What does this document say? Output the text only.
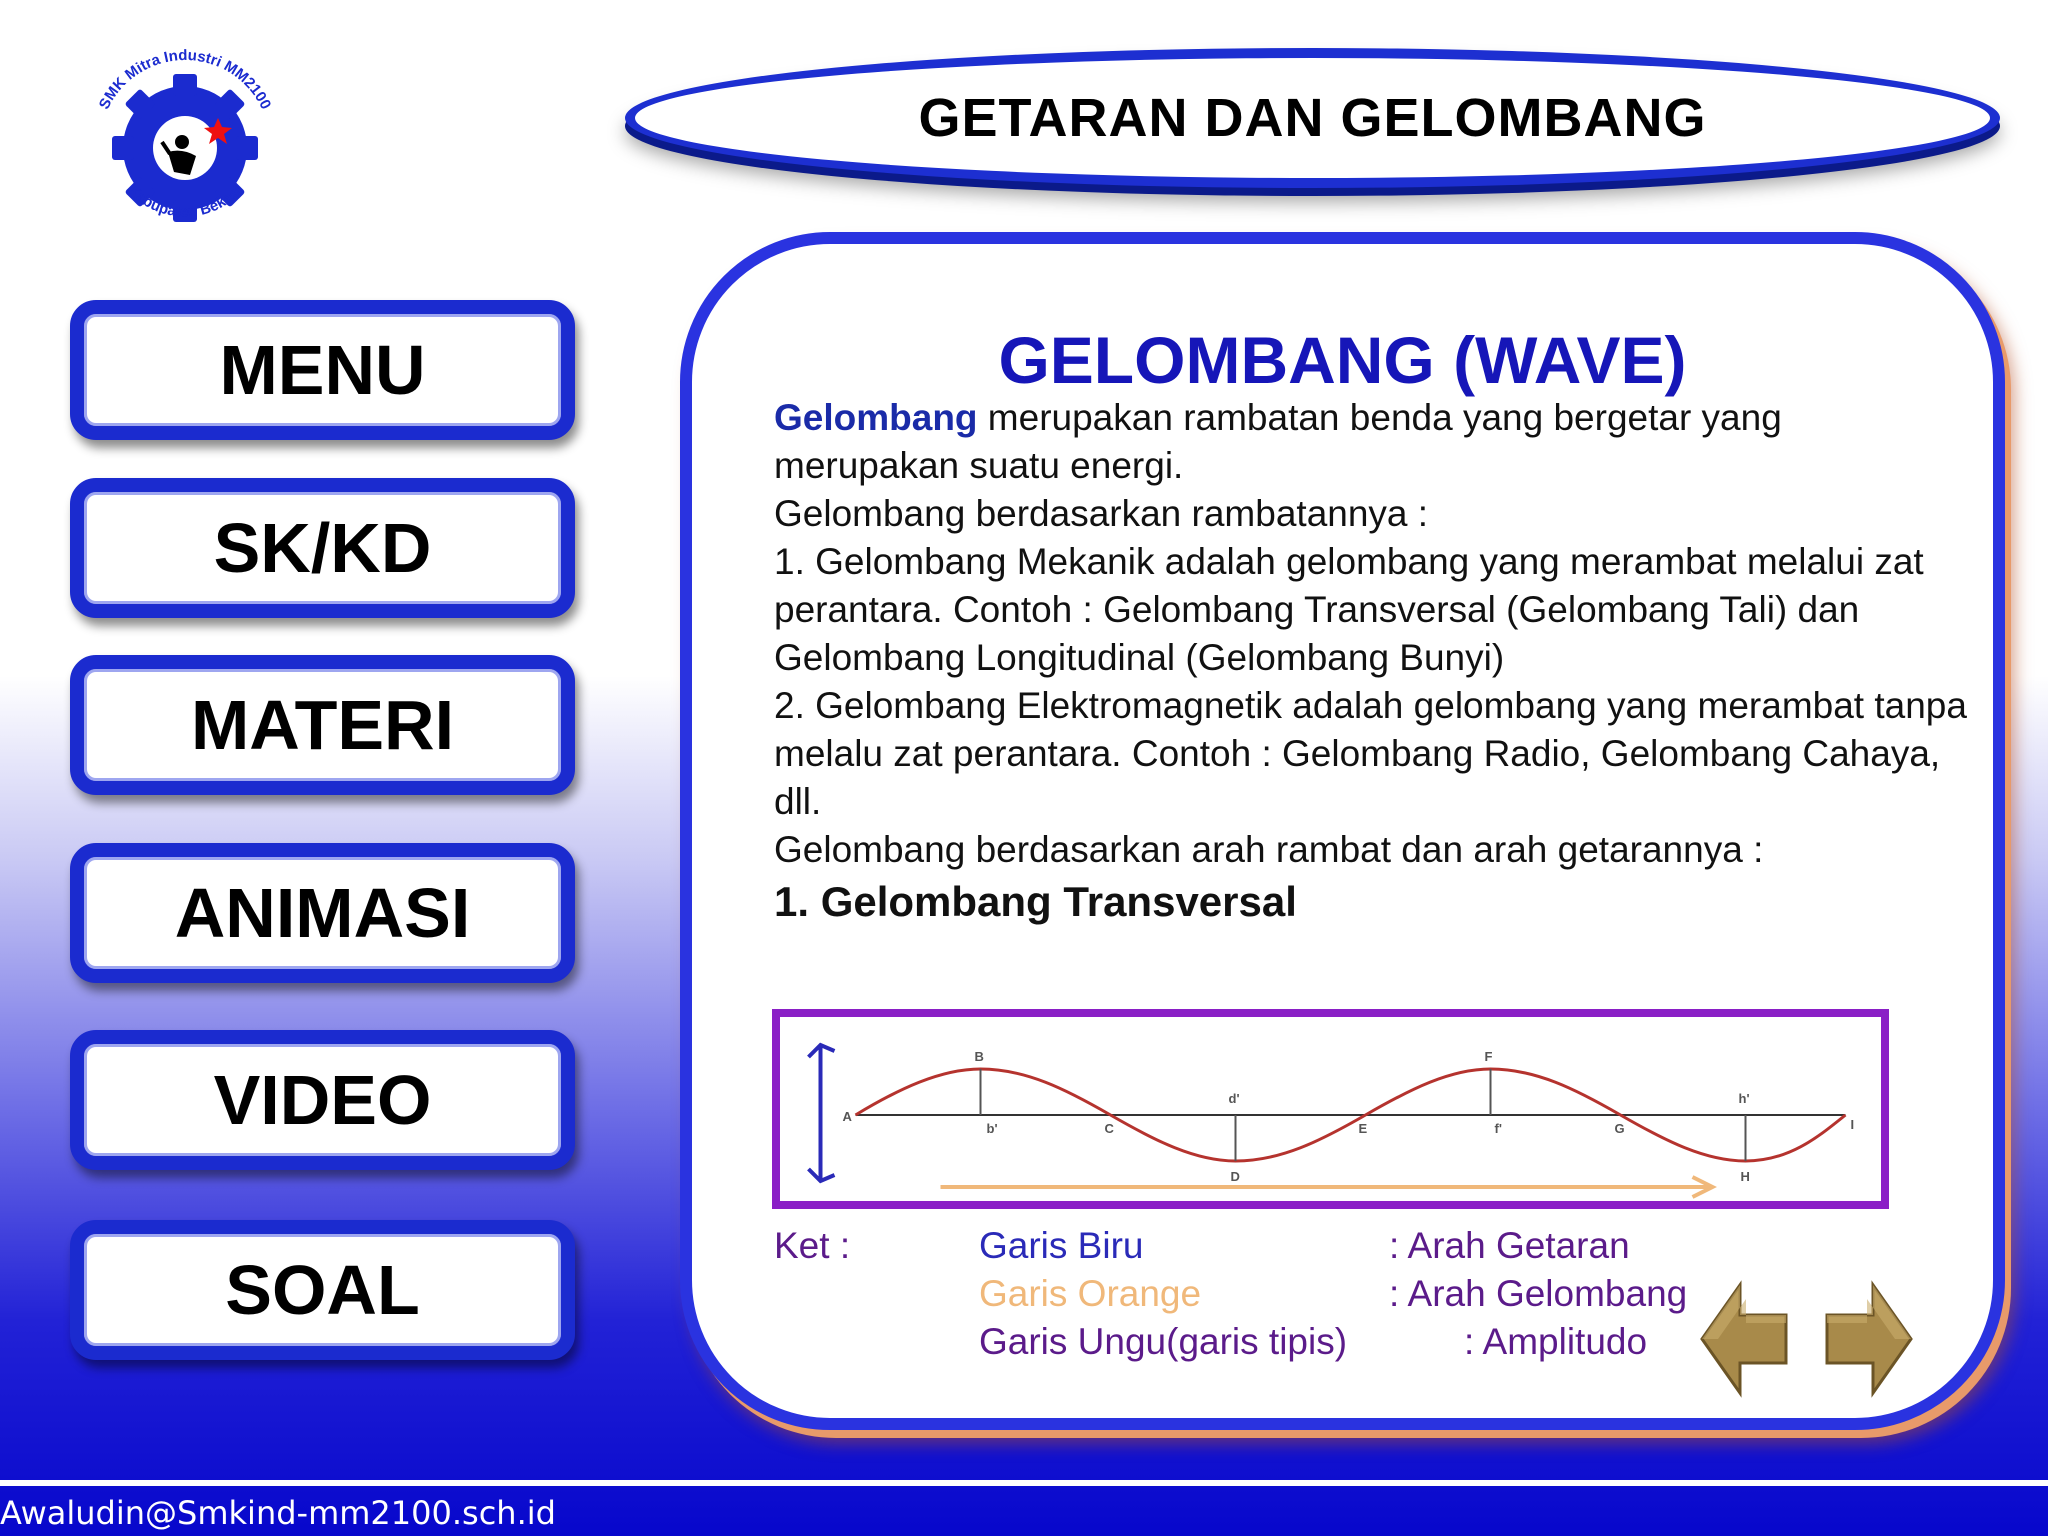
SMK Mitra Industri MM2100
Kabupaten Bekasi
GETARAN DAN GELOMBANG
MENU
SK/KD
MATERI
ANIMASI
VIDEO
SOAL
GELOMBANG (WAVE)

Gelombang merupakan rambatan benda yang bergetar yang merupakan suatu energi.

Gelombang berdasarkan rambatannya :

1. Gelombang Mekanik adalah gelombang yang merambat melalui zat perantara. Contoh : Gelombang Transversal (Gelombang Tali) dan Gelombang Longitudinal (Gelombang Bunyi)

2. Gelombang Elektromagnetik adalah gelombang yang merambat tanpa melalu zat perantara. Contoh : Gelombang Radio, Gelombang Cahaya, dll.

Gelombang berdasarkan arah rambat dan arah getarannya :

1. Gelombang Transversal

A
B
b'	C
d'
D
E
F
f'	G
h'
H
I
Ket :	Garis Biru	: Arah Getaran
Garis Orange	: Arah Gelombang
Garis Ungu(garis tipis)	: Amplitudo
Awaludin@Smkind-mm2100.sch.id
